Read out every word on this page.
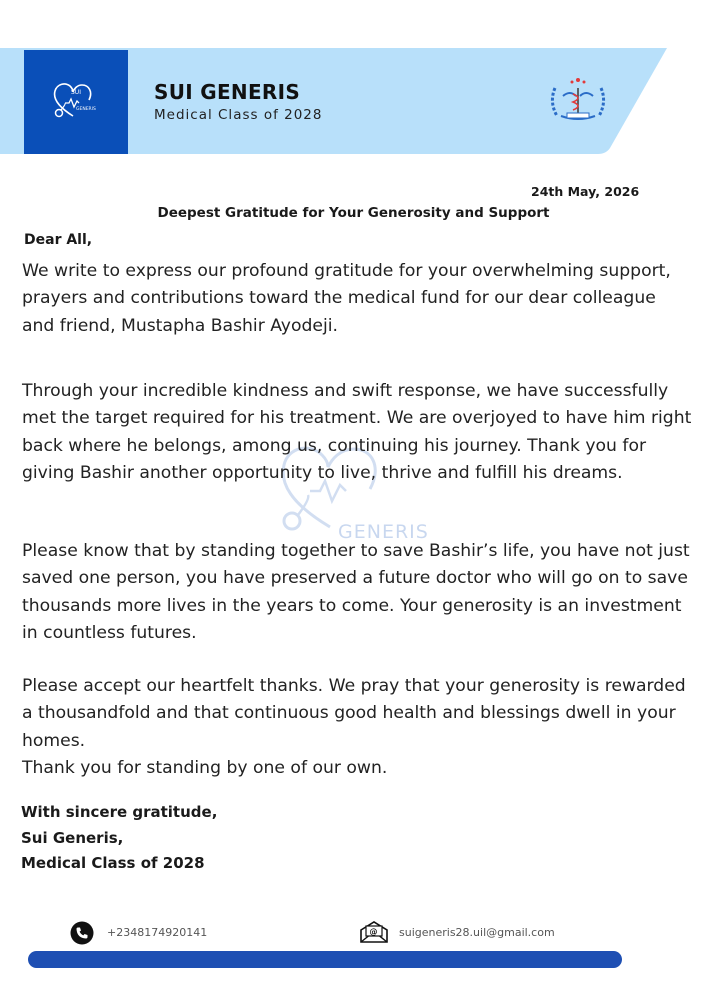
SUI
GENERIS
SUI GENERIS
Medical Class of 2028
24th May, 2026
Deepest Gratitude for Your Generosity and Support
Dear All,
GENERIS
We write to express our profound gratitude for your overwhelming support, prayers and contributions toward the medical fund for our dear colleague and friend, Mustapha Bashir Ayodeji.
Through your incredible kindness and swift response, we have successfully met the target required for his treatment. We are overjoyed to have him right back where he belongs, among us, continuing his journey. Thank you for giving Bashir another opportunity to live, thrive and fulfill his dreams.
Please know that by standing together to save Bashir’s life, you have not just saved one person, you have preserved a future doctor who will go on to save thousands more lives in the years to come. Your generosity is an investment in countless futures.
Please accept our heartfelt thanks. We pray that your generosity is rewarded a thousandfold and that continuous good health and blessings dwell in your homes.
Thank you for standing by one of our own.
With sincere gratitude,
Sui Generis,
Medical Class of 2028
+2348174920141	@ suigeneris28.uil@gmail.com
